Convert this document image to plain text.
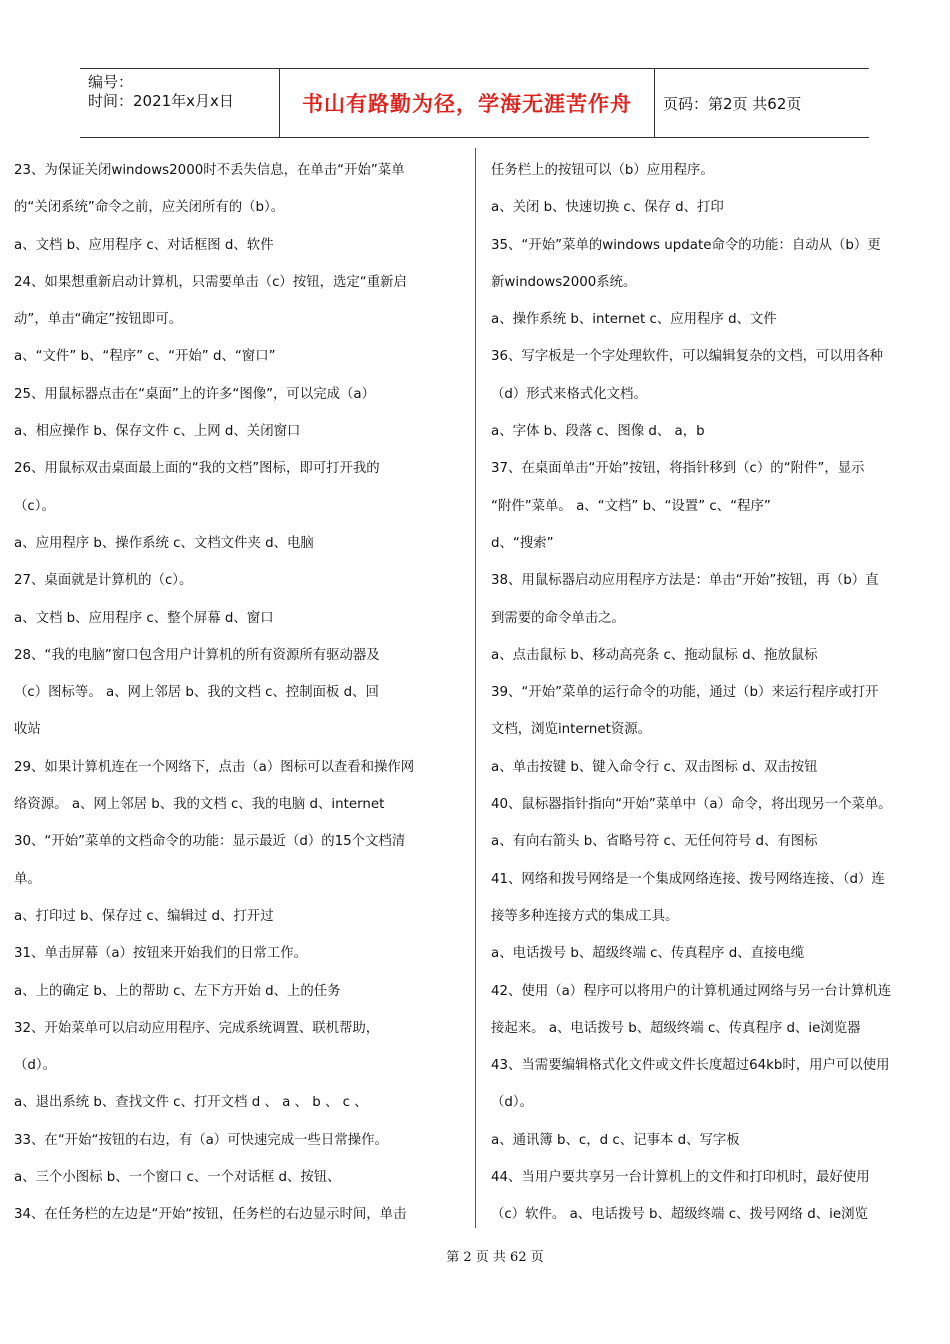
编号：
时间：2021年x月x日	书山有路勤为径，学海无涯苦作舟 页码：第2页 共62页
23、为保证关闭windows2000时不丢失信息，在单击“开始”菜单
的“关闭系统”命令之前，应关闭所有的（b）。
a、文档 b、应用程序 c、对话框图 d、软件
24、如果想重新启动计算机，只需要单击（c）按钮，选定“重新启
动”，单击“确定”按钮即可。
a、“文件” b、“程序” c、“开始” d、“窗口”
25、用鼠标器点击在“桌面”上的许多“图像”，可以完成（a）
a、相应操作 b、保存文件 c、上网 d、关闭窗口
26、用鼠标双击桌面最上面的“我的文档”图标，即可打开我的
（c）。
a、应用程序 b、操作系统 c、文档文件夹 d、电脑
27、桌面就是计算机的（c）。
a、文档 b、应用程序 c、整个屏幕 d、窗口
28、“我的电脑”窗口包含用户计算机的所有资源所有驱动器及
（c）图标等。 a、网上邻居 b、我的文档 c、控制面板 d、回
收站
29、如果计算机连在一个网络下，点击（a）图标可以查看和操作网
络资源。 a、网上邻居 b、我的文档 c、我的电脑 d、internet
30、“开始”菜单的文档命令的功能：显示最近（d）的15个文档清
单。
a、打印过 b、保存过 c、编辑过 d、打开过
31、单击屏幕（a）按钮来开始我们的日常工作。
a、上的确定 b、上的帮助 c、左下方开始 d、上的任务
32、开始菜单可以启动应用程序、完成系统调置、联机帮助，
（d）。
a、退出系统 b、查找文件 c、打开文档 d 、 a 、 b 、 c 、
33、在“开始“按钮的右边，有（a）可快速完成一些日常操作。
a、三个小图标 b、一个窗口 c、一个对话框 d、按钮、
34、在任务栏的左边是“开始“按钮，任务栏的右边显示时间，单击
任务栏上的按钮可以（b）应用程序。
a、关闭 b、快速切换 c、保存 d、打印
35、“开始”菜单的windows update命令的功能：自动从（b）更
新windows2000系统。
a、操作系统 b、internet c、应用程序 d、文件
36、写字板是一个字处理软件，可以编辑复杂的文档，可以用各种
（d）形式来格式化文档。
a、字体 b、段落 c、图像 d、 a，b
37、在桌面单击“开始”按钮，将指针移到（c）的“附件”，显示
“附件”菜单。 a、“文档” b、“设置” c、“程序”
d、“搜索”
38、用鼠标器启动应用程序方法是：单击“开始”按钮，再（b）直
到需要的命令单击之。
a、点击鼠标 b、移动高亮条 c、拖动鼠标 d、拖放鼠标
39、“开始”菜单的运行命令的功能，通过（b）来运行程序或打开
文档，浏览internet资源。
a、单击按键 b、键入命令行 c、双击图标 d、双击按钮
40、鼠标器指针指向“开始”菜单中（a）命令，将出现另一个菜单。
a、有向右箭头 b、省略号符 c、无任何符号 d、有图标
41、网络和拨号网络是一个集成网络连接、拨号网络连接、（d）连
接等多种连接方式的集成工具。
a、电话拨号 b、超级终端 c、传真程序 d、直接电缆
42、使用（a）程序可以将用户的计算机通过网络与另一台计算机连
接起来。 a、电话拨号 b、超级终端 c、传真程序 d、ie浏览器
43、当需要编辑格式化文件或文件长度超过64kb时，用户可以使用
（d）。
a、通讯簿 b、c，d c、记事本 d、写字板
44、当用户要共享另一台计算机上的文件和打印机时，最好使用
（c）软件。 a、电话拨号 b、超级终端 c、拨号网络 d、ie浏览
第 2 页 共 62 页
